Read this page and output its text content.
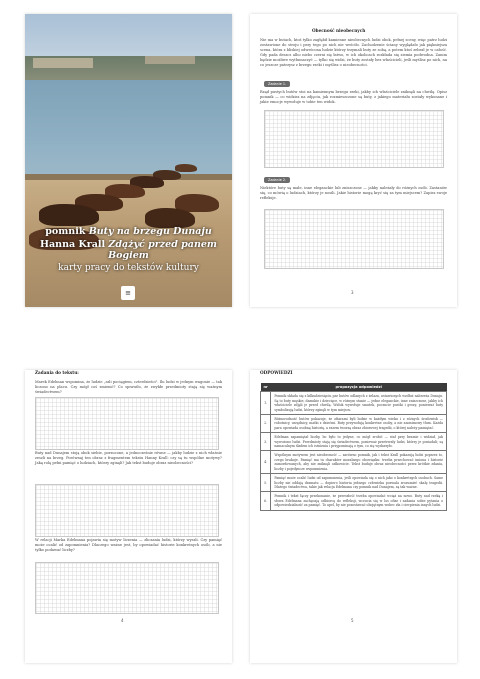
pomnik Buty na brzegu Dunaju
Hanna Krall Zdążyć przed panem Bogiem
karty pracy do tekstów kultury
≡
Obecność nieobecnych
Nie ma w butach, ktoś tylko zagłębił kamienne nieobecnych ludzi obok, pełnej sceny, więc patrz ludzi zostawione do stroju i przy tego po nich nie wróciło. Zachodzenie ściany wyglądało jak piękniejsza scena, która z bliskiej odwrócona ludzie którzy trzymali buty ze sobą, a potem ktoś zebrał je w całość. Gdy pada deszcz albo niebo czerni się łatwo, w ich okolicach rozkłada się ziemia podwodna. Zanim będzie możliwe wytłumaczyć — tylko się widzi, że buty zostały bez właścicieli, jeśli myślisz po nich, na co jeszcze patrzysz z brzegu rzeki i myślisz o nieobecności.
Zadanie 1.
Rząd pustych butów stoi na kamiennym brzegu rzeki, jakby ich właściciele zniknęli na chwilę. Opisz pomnik — co widzisz na zdjęciu, jak rozmieszczone są buty, z jakiego materiału zostały wykonane i jakie emocje wywołuje w tobie ten widok.
Zadanie 2.
Niektóre buty są małe, inne eleganckie lub zniszczone — jakby należały do różnych osób. Zastanów się, co mówią o ludziach, którzy je nosili. Jakie historie mogą kryć się za tym miejscem? Zapisz swoje refleksje.
3
Zadania do tekstu:
Marek Edelman wspomina, że ludzie „szli pociągiem, czterdzieści". Ilu ludzi w jednym wagonie — tak liczono na placu. Czy mógł coś zmienić? Co sprawiło, że zwykłe przedmioty stają się ważnym świadectwem?
Buty nad Dunajem stoją obok siebie, porzucone, a jednocześnie równe — jakby ludzie z nich właśnie zeszli na brzeg. Porównaj ten obraz z fragmentem tekstu Hanny Krall: czy są tu wspólne motywy? Jaką rolę pełni pamięć o ludziach, którzy zginęli? Jak tekst buduje obraz nieobecności?
W relacji Marka Edelmana pojawia się motyw liczenia — zliczania ludzi, którzy wyszli. Czy pamięć może ocalić od zapomnienia? Dlaczego ważne jest, by opowiadać historie konkretnych osób, a nie tylko podawać liczby?
4
ODPOWIEDZI
nr	propozycja odpowiedzi
1.	Pomnik składa się z kilkudziesięciu par butów odlanych z żelaza, ustawionych wzdłuż nabrzeża Dunaju. Są to buty męskie, damskie i dziecięce, w różnym stanie — jedne eleganckie, inne zniszczone, jakby ich właściciele zdjęli je przed chwilą. Widok wywołuje smutek, poczucie pustki i grozy, ponieważ buty symbolizują ludzi, którzy zginęli w tym miejscu.
2.	Różnorodność butów pokazuje, że ofiarami byli ludzie w każdym wieku i z różnych środowisk — robotnicy, urzędnicy, matki z dziećmi. Buty przywołują konkretne osoby, a nie anonimowy tłum. Każda para opowiada osobną historię, a razem tworzą obraz zbiorowej tragedii, o której należy pamiętać.
3.	Edelman zapamiętał liczby, bo było to jedyne, co mógł zrobić — stał przy bramie i widział, jak wywożono ludzi. Przedmioty stają się świadectwem, ponieważ przetrwały ludzi, którzy je posiadali; są namacalnym śladem ich istnienia i przypominają o tym, co się wydarzyło.
4.	Wspólnym motywem jest nieobecność — zarówno pomnik, jak i tekst Krall pokazują ludzi poprzez to, czego brakuje. Pamięć ma tu charakter moralnego obowiązku: trzeba przechować imiona i historie zamordowanych, aby nie zniknęli całkowicie. Tekst buduje obraz nieobecności przez krótkie zdania, liczby i pojedyncze wspomnienia.
5.	Pamięć może ocalić ludzi od zapomnienia, jeśli opowiada się o nich jako o konkretnych osobach. Same liczby nie oddają dramatu — dopiero historia jednego człowieka pozwala zrozumieć skalę tragedii. Dlatego świadectwa, takie jak relacja Edelmana czy pomnik nad Dunajem, są tak ważne.
6.	Pomnik i tekst łączy przekonanie, że przeszłość trzeba opowiadać wciąż na nowo. Buty nad rzeką i słowa Edelmana zachęcają odbiorcę do refleksji, wczucia się w los ofiar i zadania sobie pytania o odpowiedzialność za pamięć. To apel, by nie pozostawać obojętnym wobec zła i cierpienia innych ludzi.
5
